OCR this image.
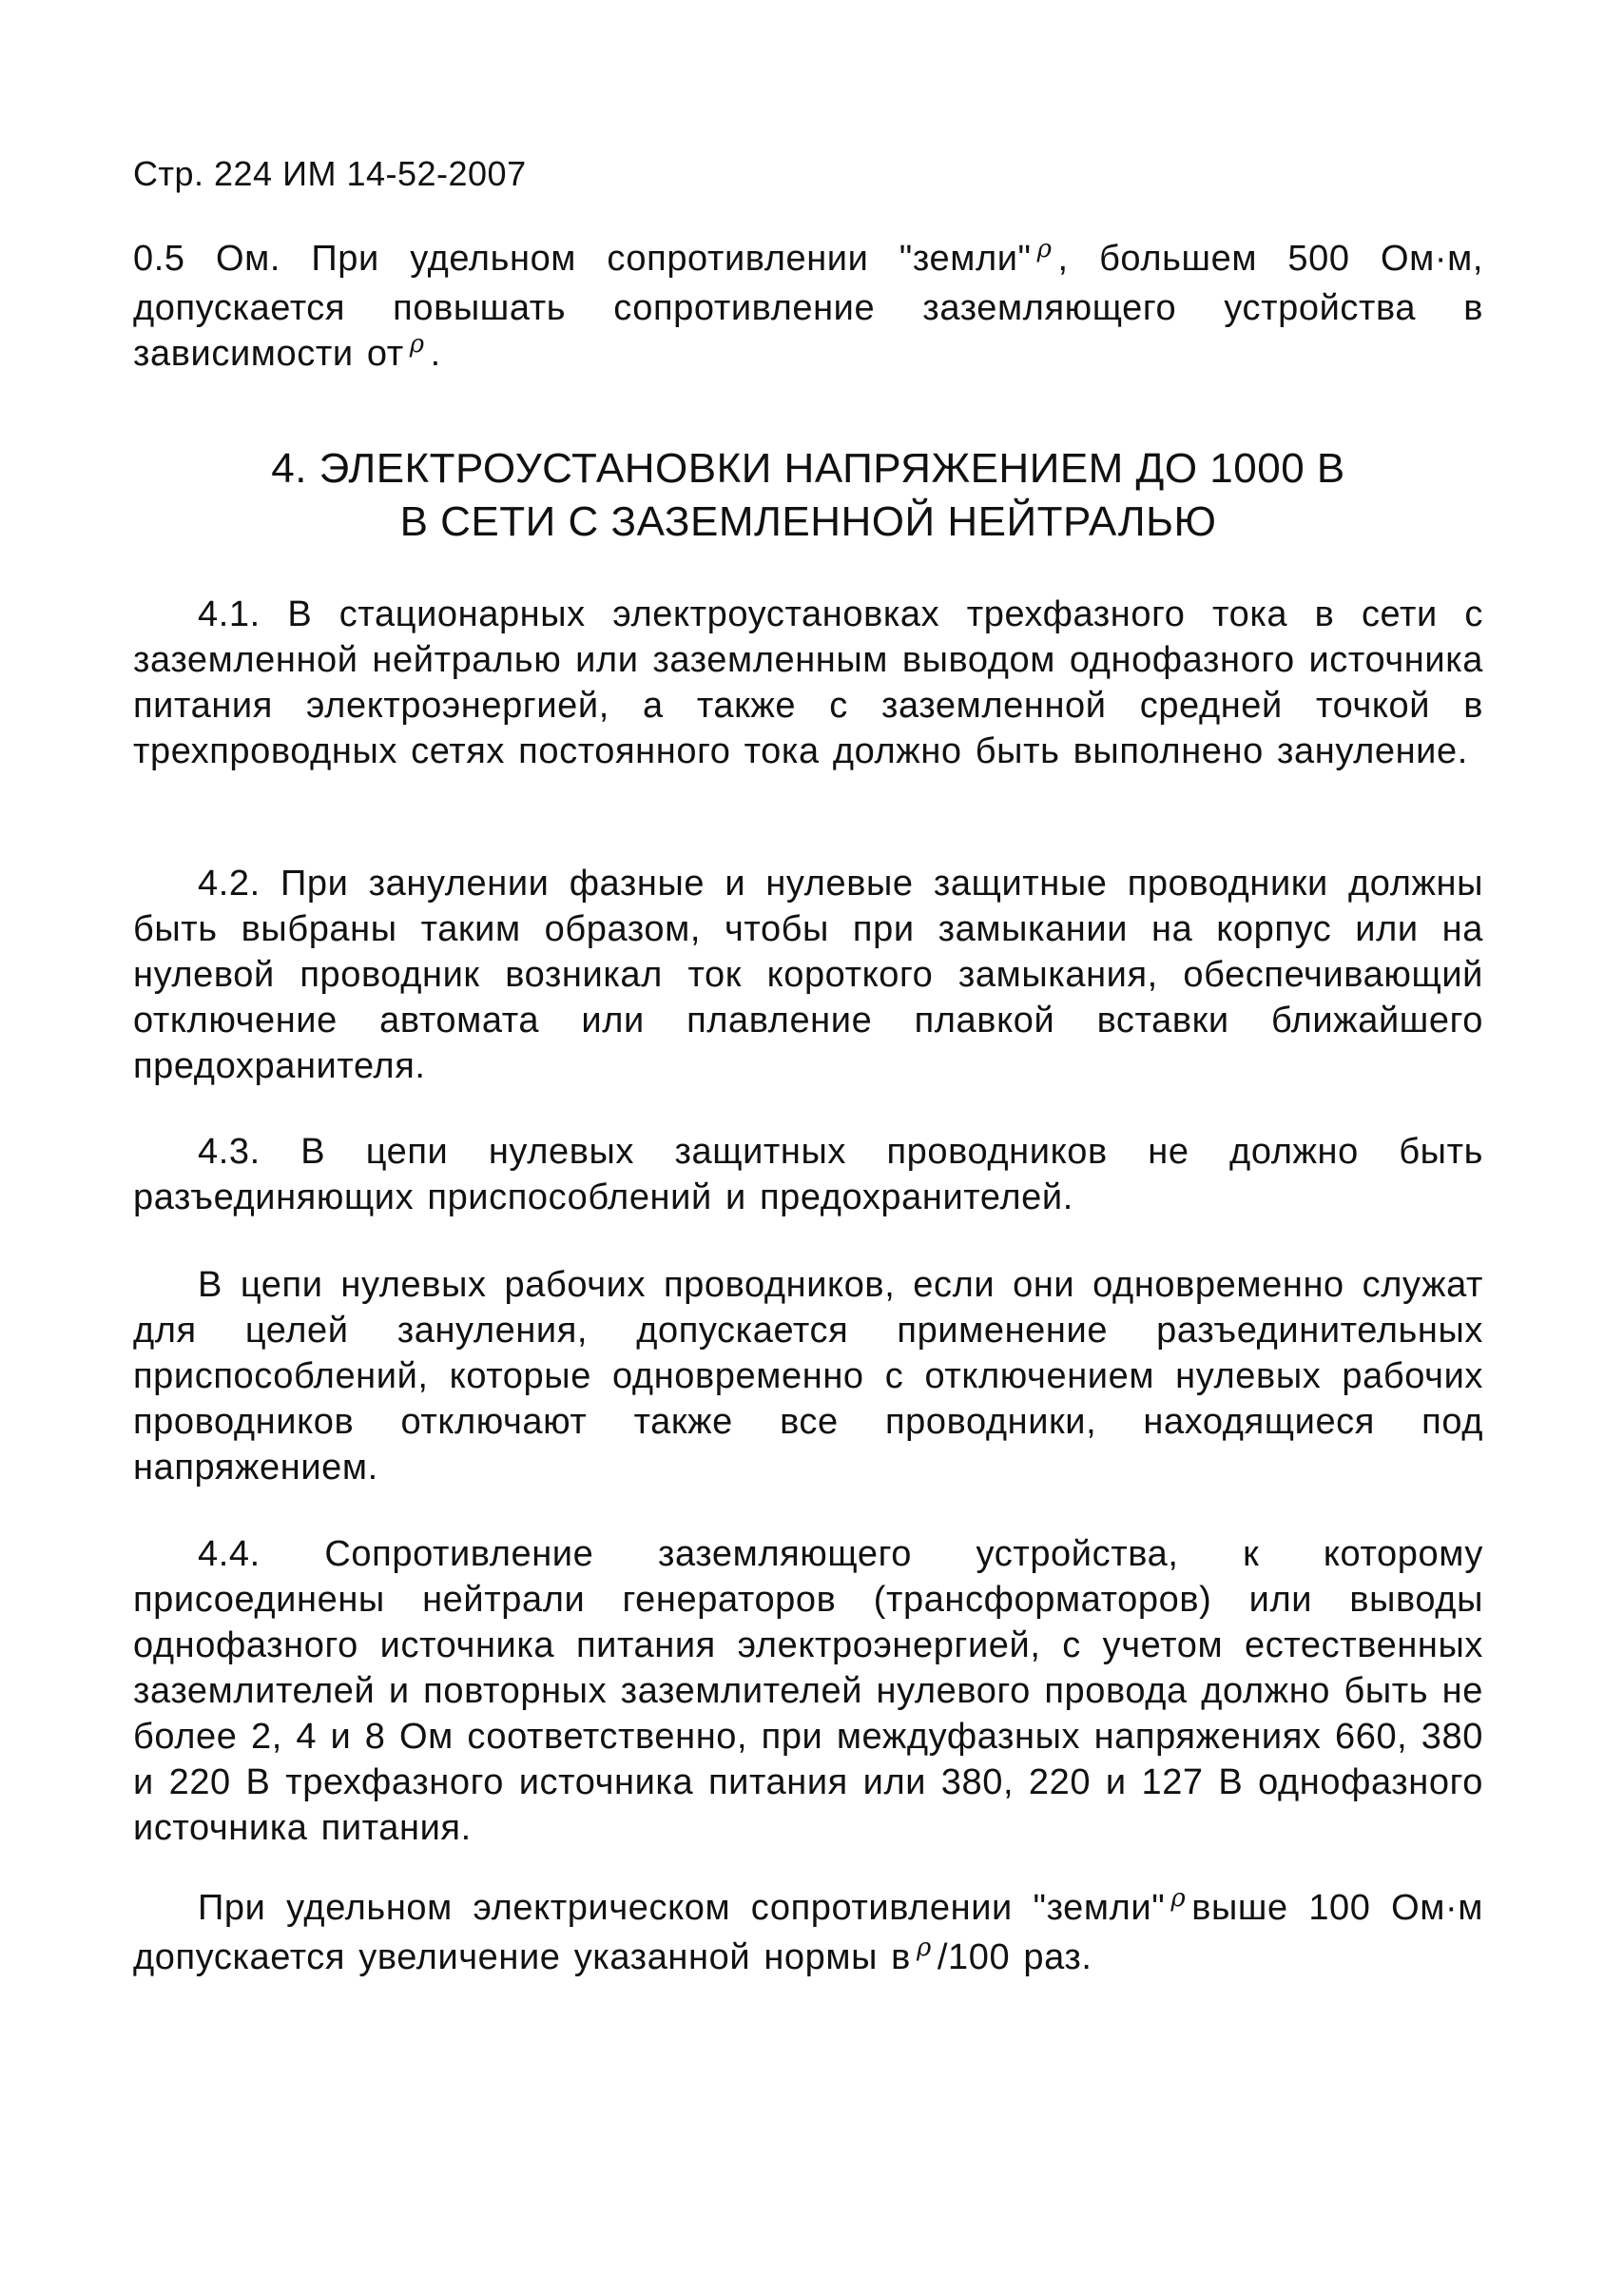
Стр. 224 ИМ 14-52-2007

0.5 Ом. При удельном сопротивлении "земли" $^\rho$ , большем 500 Ом·м, допускается повышать сопротивление заземляющего устройства в зависимости от $^\rho$ .

4. ЭЛЕКТРОУСТАНОВКИ НАПРЯЖЕНИЕМ ДО 1000 В
В СЕТИ С ЗАЗЕМЛЕННОЙ НЕЙТРАЛЬЮ

4.1. В стационарных электроустановках трехфазного тока в сети с заземленной нейтралью или заземленным выводом однофазного источника питания электроэнергией, а также с заземленной средней точкой в трехпроводных сетях постоянного тока должно быть выполнено зануление.

4.2. При занулении фазные и нулевые защитные проводники должны быть выбраны таким образом, чтобы при замыкании на корпус или на нулевой проводник возникал ток короткого замыкания, обеспечивающий отключение автомата или плавление плавкой вставки ближайшего предохранителя.

4.3. В цепи нулевых защитных проводников не должно быть разъединяющих приспособлений и предохранителей.

В цепи нулевых рабочих проводников, если они одновременно служат для целей зануления, допускается применение разъединительных приспособлений, которые одновременно с отключением нулевых рабочих проводников отключают также все проводники, находящиеся под напряжением.

4.4. Сопротивление заземляющего устройства, к которому присоединены нейтрали генераторов (трансформаторов) или выводы однофазного источника питания электроэнергией, с учетом естественных заземлителей и повторных заземлителей нулевого провода должно быть не более 2, 4 и 8 Ом соответственно, при междуфазных напряжениях 660, 380 и 220 В трехфазного источника питания или 380, 220 и 127 В однофазного источника питания.

При удельном электрическом сопротивлении "земли" $^\rho$ выше 100 Ом·м допускается увеличение указанной нормы в $^\rho$ /100 раз.
